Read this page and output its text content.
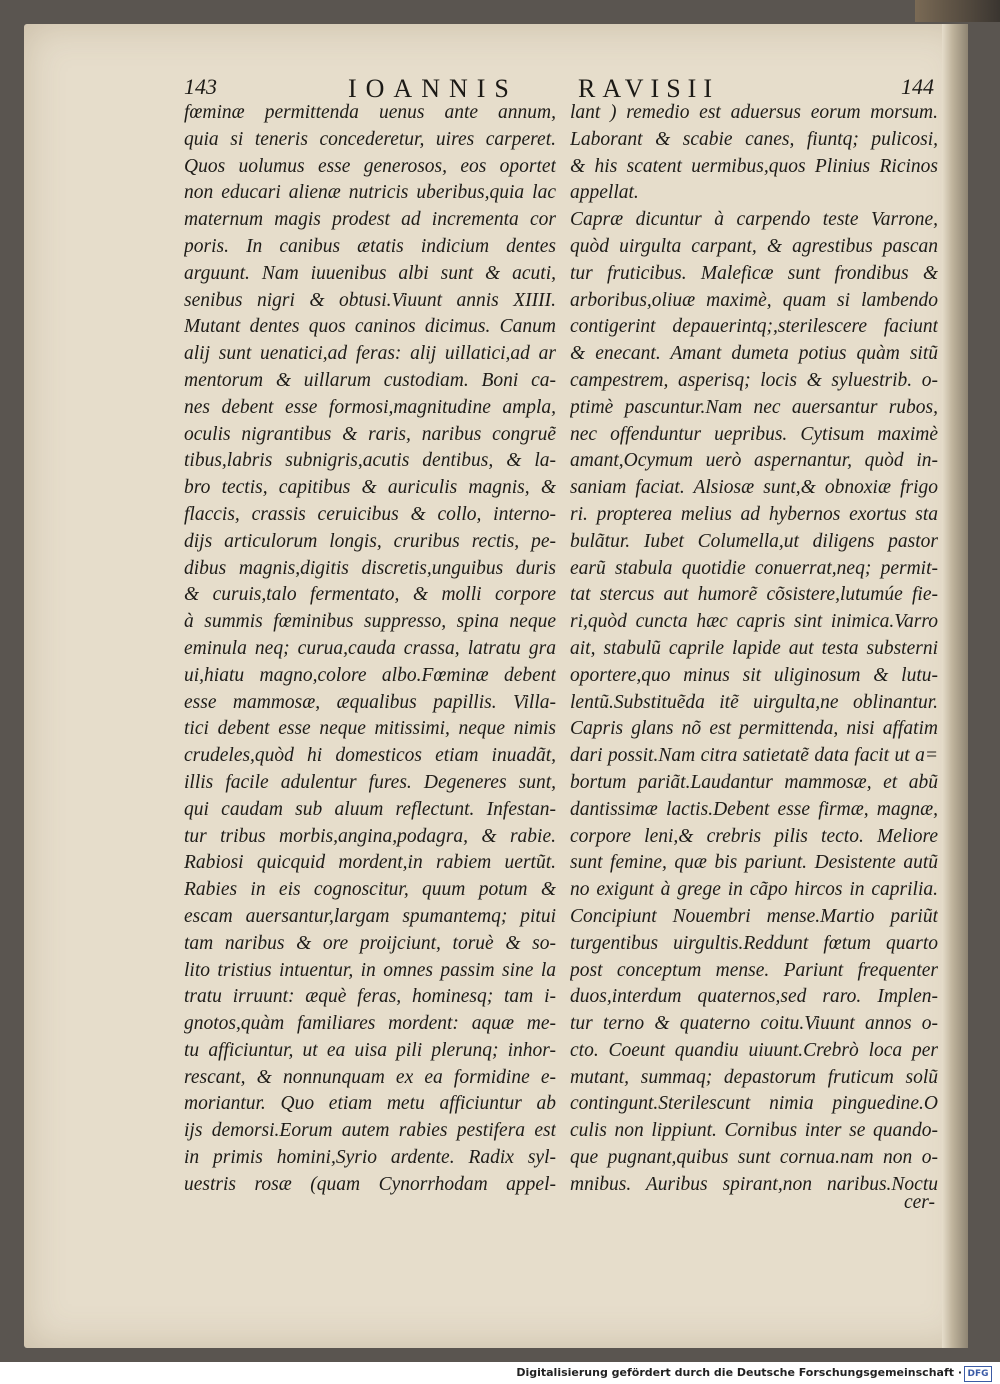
143	IOANNIS RAVISII	144
fœminæ permittenda uenus ante annum,
quia si teneris concederetur, uires carperet.
Quos uolumus esse generosos, eos oportet
non educari alienæ nutricis uberibus,quia lac
maternum magis prodest ad incrementa cor
poris. In canibus ætatis indicium dentes
arguunt. Nam iuuenibus albi sunt & acuti,
senibus nigri & obtusi.Viuunt annis XIIII.
Mutant dentes quos caninos dicimus. Canum
alij sunt uenatici,ad feras: alij uillatici,ad ar
mentorum & uillarum custodiam. Boni ca-
nes debent esse formosi,magnitudine ampla,
oculis nigrantibus & raris, naribus congruẽ
tibus,labris subnigris,acutis dentibus, & la-
bro tectis, capitibus & auriculis magnis, &
flaccis, crassis ceruicibus & collo, interno-
dijs articulorum longis, cruribus rectis, pe-
dibus magnis,digitis discretis,unguibus duris
& curuis,talo fermentato, & molli corpore
à summis fœminibus suppresso, spina neque
eminula neq; curua,cauda crassa, latratu gra
ui,hiatu magno,colore albo.Fœminæ debent
esse mammosæ, æqualibus papillis. Villa-
tici debent esse neque mitissimi, neque nimis
crudeles,quòd hi domesticos etiam inuadãt,
illis facile adulentur fures. Degeneres sunt,
qui caudam sub aluum reflectunt. Infestan-
tur tribus morbis,angina,podagra, & rabie.
Rabiosi quicquid mordent,in rabiem uertũt.
Rabies in eis cognoscitur, quum potum &
escam auersantur,largam spumantemq; pitui
tam naribus & ore proijciunt, toruè & so-
lito tristius intuentur, in omnes passim sine la
tratu irruunt: æquè feras, hominesq; tam i-
gnotos,quàm familiares mordent: aquæ me-
tu afficiuntur, ut ea uisa pili plerunq; inhor-
rescant, & nonnunquam ex ea formidine e-
moriantur. Quo etiam metu afficiuntur ab
ijs demorsi.Eorum autem rabies pestifera est
in primis homini,Syrio ardente. Radix syl-
uestris rosæ (quam Cynorrhodam appel-
lant ) remedio est aduersus eorum morsum.
Laborant & scabie canes, fiuntq; pulicosi,
& his scatent uermibus,quos Plinius Ricinos
appellat.
Capræ dicuntur à carpendo teste Varrone,
quòd uirgulta carpant, & agrestibus pascan
tur fruticibus. Maleficæ sunt frondibus &
arboribus,oliuæ maximè, quam si lambendo
contigerint depauerintq;,sterilescere faciunt
& enecant. Amant dumeta potius quàm sitũ
campestrem, asperisq; locis & syluestrib. o-
ptimè pascuntur.Nam nec auersantur rubos,
nec offenduntur uepribus. Cytisum maximè
amant,Ocymum uerò aspernantur, quòd in-
saniam faciat. Alsiosæ sunt,& obnoxiæ frigo
ri. propterea melius ad hybernos exortus sta
bulãtur. Iubet Columella,ut diligens pastor
earũ stabula quotidie conuerrat,neq; permit-
tat stercus aut humorẽ cõsistere,lutumúe fie-
ri,quòd cuncta hæc capris sint inimica.Varro
ait, stabulũ caprile lapide aut testa substerni
oportere,quo minus sit uliginosum & lutu-
lentũ.Substituẽda itẽ uirgulta,ne oblinantur.
Capris glans nõ est permittenda, nisi affatim
dari possit.Nam citra satietatẽ data facit ut a=
bortum pariãt.Laudantur mammosæ, et abũ
dantissimæ lactis.Debent esse firmæ, magnæ,
corpore leni,& crebris pilis tecto. Meliore
sunt femine, quæ bis pariunt. Desistente autũ
no exigunt à grege in cãpo hircos in caprilia.
Concipiunt Nouembri mense.Martio pariũt
turgentibus uirgultis.Reddunt fœtum quarto
post conceptum mense. Pariunt frequenter
duos,interdum quaternos,sed raro. Implen-
tur terno & quaterno coitu.Viuunt annos o-
cto. Coeunt quandiu uiuunt.Crebrò loca per
mutant, summaq; depastorum fruticum solũ
contingunt.Sterilescunt nimia pinguedine.O
culis non lippiunt. Cornibus inter se quando-
que pugnant,quibus sunt cornua.nam non o-
mnibus. Auribus spirant,non naribus.Noctu
cer-
Digitalisierung gefördert durch die Deutsche Forschungsgemeinschaft · DFG
